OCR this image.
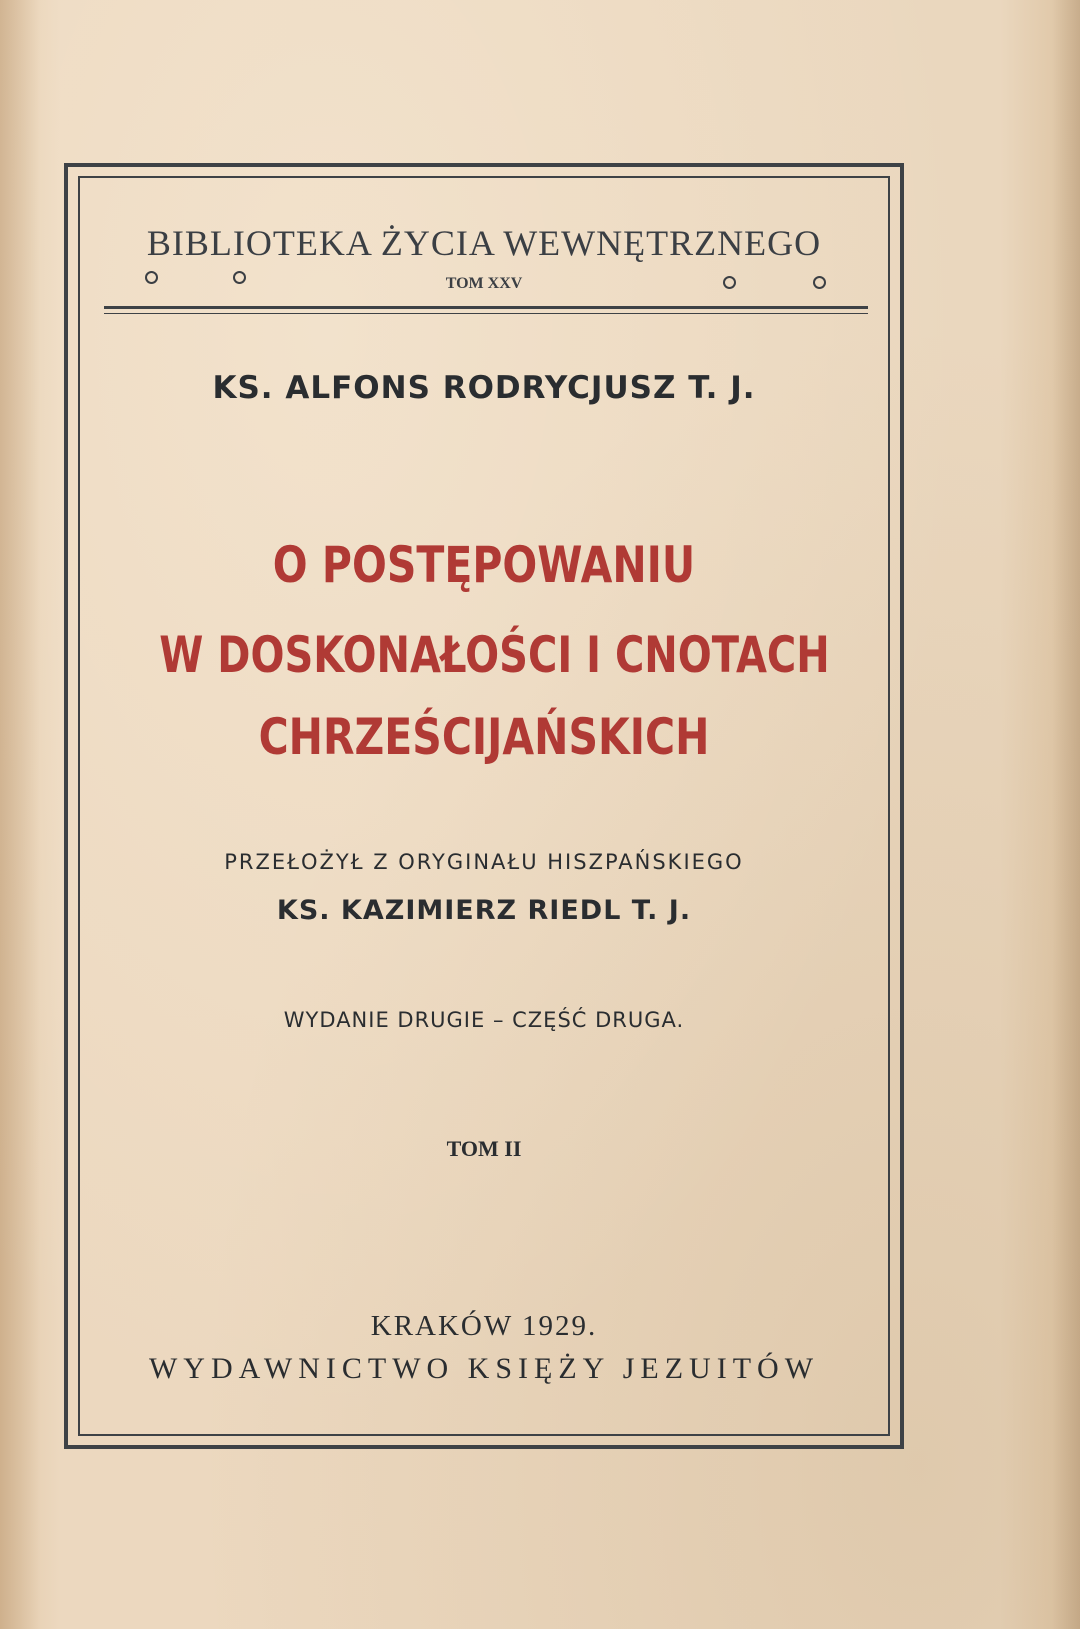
BIBLIOTEKA ŻYCIA WEWNĘTRZNEGO
TOM XXV
KS. ALFONS RODRYCJUSZ T. J.
O POSTĘPOWANIU
W DOSKONAŁOŚCI I CNOTACH
CHRZEŚCIJAŃSKICH
PRZEŁOŻYŁ Z ORYGINAŁU HISZPAŃSKIEGO
KS. KAZIMIERZ RIEDL T. J.
WYDANIE DRUGIE – CZĘŚĆ DRUGA.
TOM II
KRAKÓW 1929.
WYDAWNICTWO KSIĘŻY JEZUITÓW
